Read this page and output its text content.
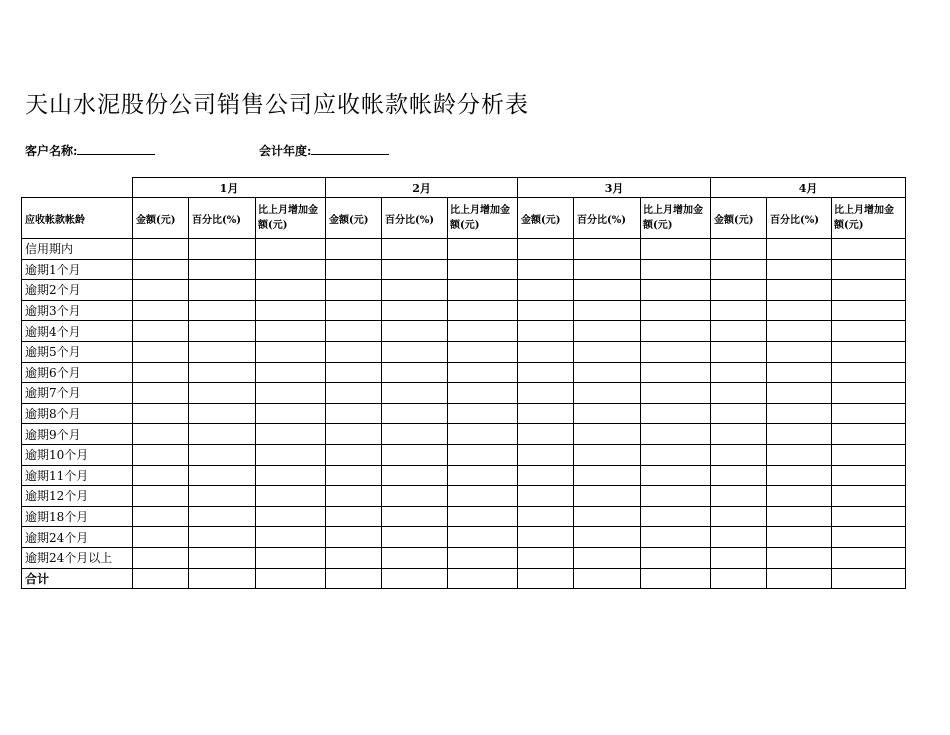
天山水泥股份公司销售公司应收帐款帐龄分析表
客户名称:	会计年度:
	1月			2月			3月			4月		
应收帐款帐龄	金额(元)	百分比(%)	比上月增加金额(元)	金额(元)	百分比(%)	比上月增加金额(元)	金额(元)	百分比(%)	比上月增加金额(元)	金额(元)	百分比(%)	比上月增加金额(元)
信用期内												
逾期1个月												
逾期2个月												
逾期3个月												
逾期4个月												
逾期5个月												
逾期6个月												
逾期7个月												
逾期8个月												
逾期9个月												
逾期10个月												
逾期11个月												
逾期12个月												
逾期18个月												
逾期24个月												
逾期24个月以上												
合计												
